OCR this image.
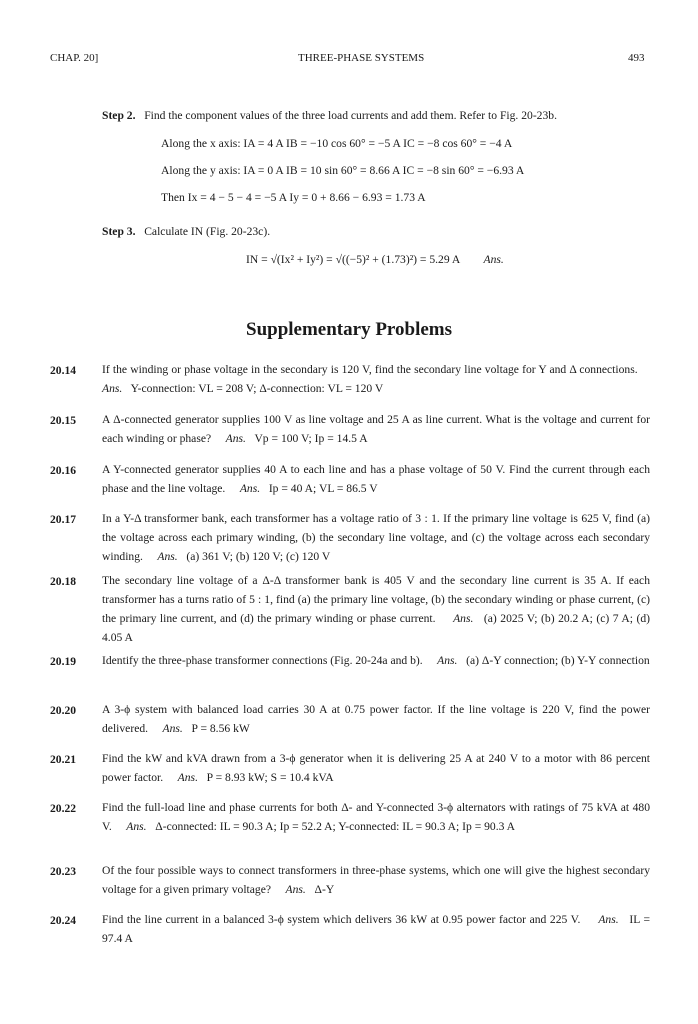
CHAP. 20]	THREE-PHASE SYSTEMS	493
Step 2. Find the component values of the three load currents and add them. Refer to Fig. 20-23b.
Along the x axis: IA = 4 A IB = −10 cos 60° = −5 A IC = −8 cos 60° = −4 A
Along the y axis: IA = 0 A IB = 10 sin 60° = 8.66 A IC = −8 sin 60° = −6.93 A
Then Ix = 4 − 5 − 4 = −5 A Iy = 0 + 8.66 − 6.93 = 1.73 A
Step 3. Calculate IN (Fig. 20-23c).
IN = √(Ix² + Iy²) = √((−5)² + (1.73)²) = 5.29 A Ans.
Supplementary Problems
20.14 If the winding or phase voltage in the secondary is 120 V, find the secondary line voltage for Y and Δ connections.     Ans. Y-connection: VL = 208 V; Δ-connection: VL = 120 V
20.15 A Δ-connected generator supplies 100 V as line voltage and 25 A as line current. What is the voltage and current for each winding or phase? Ans. Vp = 100 V; Ip = 14.5 A
20.16 A Y-connected generator supplies 40 A to each line and has a phase voltage of 50 V. Find the current through each phase and the line voltage. Ans. Ip = 40 A; VL = 86.5 V
20.17 In a Y-Δ transformer bank, each transformer has a voltage ratio of 3 : 1. If the primary line voltage is 625 V, find (a) the voltage across each primary winding, (b) the secondary line voltage, and (c) the voltage across each secondary winding. Ans. (a) 361 V; (b) 120 V; (c) 120 V
20.18 The secondary line voltage of a Δ-Δ transformer bank is 405 V and the secondary line current is 35 A. If each transformer has a turns ratio of 5 : 1, find (a) the primary line voltage, (b) the secondary winding or phase current, (c) the primary line current, and (d) the primary winding or phase current. Ans. (a) 2025 V; (b) 20.2 A; (c) 7 A; (d) 4.05 A
20.19 Identify the three-phase transformer connections (Fig. 20-24a and b). Ans. (a) Δ-Y connection; (b) Y-Y connection
20.20 A 3-ϕ system with balanced load carries 30 A at 0.75 power factor. If the line voltage is 220 V, find the power delivered. Ans. P = 8.56 kW
20.21 Find the kW and kVA drawn from a 3-ϕ generator when it is delivering 25 A at 240 V to a motor with 86 percent power factor. Ans. P = 8.93 kW; S = 10.4 kVA
20.22 Find the full-load line and phase currents for both Δ- and Y-connected 3-ϕ alternators with ratings of 75 kVA at 480 V. Ans. Δ-connected: IL = 90.3 A; Ip = 52.2 A; Y-connected: IL = 90.3 A; Ip = 90.3 A
20.23 Of the four possible ways to connect transformers in three-phase systems, which one will give the highest secondary voltage for a given primary voltage? Ans. Δ-Y
20.24 Find the line current in a balanced 3-ϕ system which delivers 36 kW at 0.95 power factor and 225 V. Ans. IL = 97.4 A
